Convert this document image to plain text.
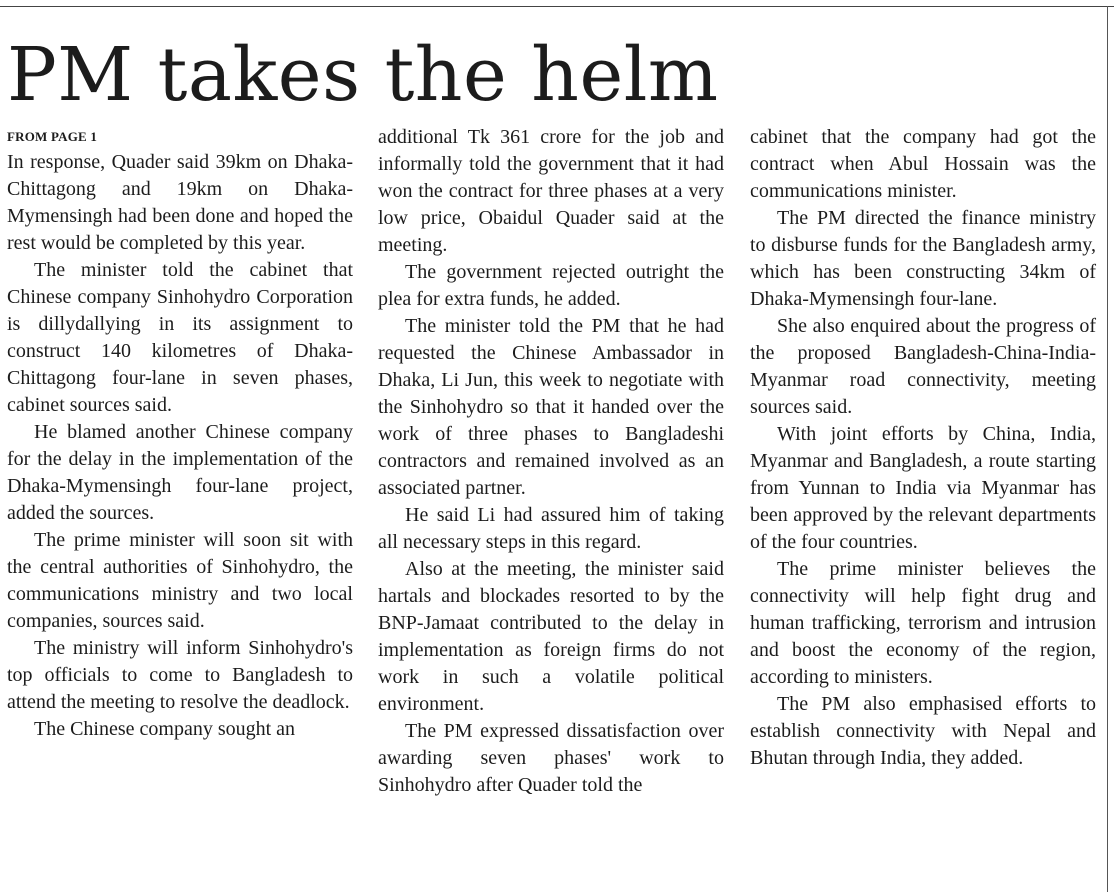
PM takes the helm
FROM PAGE 1

In response, Quader said 39km on Dhaka-Chittagong and 19km on Dhaka-Mymensingh had been done and hoped the rest would be completed by this year.

The minister told the cabinet that Chinese company Sinhohydro Corporation is dillydallying in its assignment to construct 140 kilometres of Dhaka-Chittagong four-lane in seven phases, cabinet sources said.

He blamed another Chinese company for the delay in the implementation of the Dhaka-Mymensingh four-lane project, added the sources.

The prime minister will soon sit with the central authorities of Sinhohydro, the communications ministry and two local companies, sources said.

The ministry will inform Sinhohydro's top officials to come to Bangladesh to attend the meeting to resolve the deadlock.

The Chinese company sought an

additional Tk 361 crore for the job and informally told the government that it had won the contract for three phases at a very low price, Obaidul Quader said at the meeting.

The government rejected outright the plea for extra funds, he added.

The minister told the PM that he had requested the Chinese Ambassador in Dhaka, Li Jun, this week to negotiate with the Sinhohydro so that it handed over the work of three phases to Bangladeshi contractors and remained involved as an associated partner.

He said Li had assured him of taking all necessary steps in this regard.

Also at the meeting, the minister said hartals and blockades resorted to by the BNP-Jamaat contributed to the delay in implementation as foreign firms do not work in such a volatile political environment.

The PM expressed dissatisfaction over awarding seven phases' work to Sinhohydro after Quader told the

cabinet that the company had got the contract when Abul Hossain was the communications minister.

The PM directed the finance ministry to disburse funds for the Bangladesh army, which has been constructing 34km of Dhaka-Mymensingh four-lane.

She also enquired about the progress of the proposed Bangladesh-China-India-Myanmar road connectivity, meeting sources said.

With joint efforts by China, India, Myanmar and Bangladesh, a route starting from Yunnan to India via Myanmar has been approved by the relevant departments of the four countries.

The prime minister believes the connectivity will help fight drug and human trafficking, terrorism and intrusion and boost the economy of the region, according to ministers.

The PM also emphasised efforts to establish connectivity with Nepal and Bhutan through India, they added.
